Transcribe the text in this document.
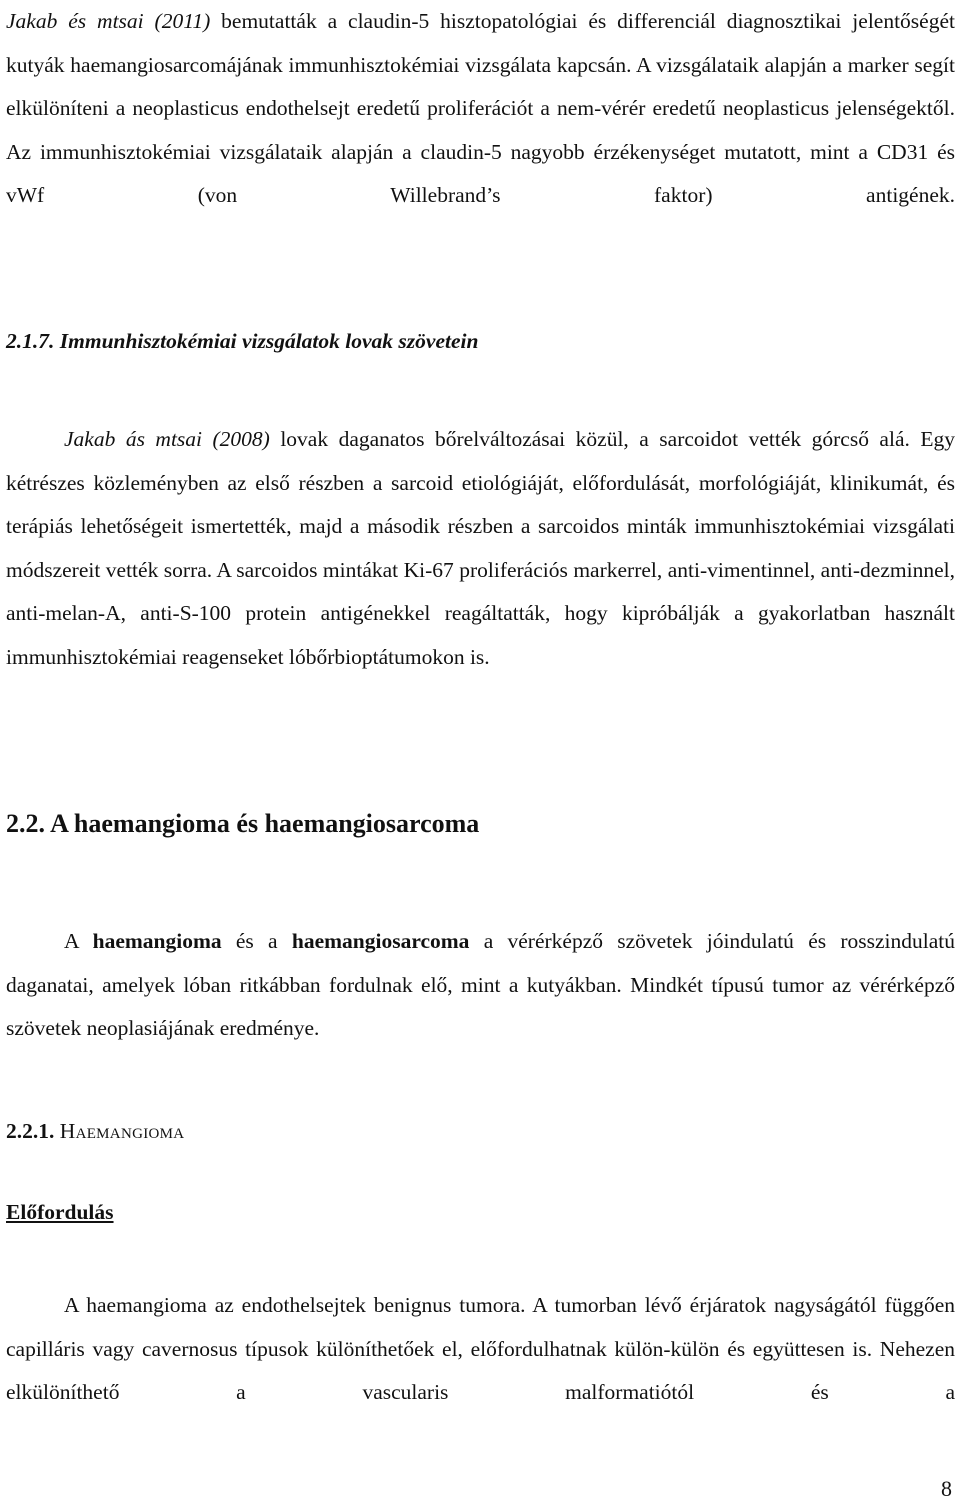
Jakab és mtsai (2011) bemutatták a claudin-5 hisztopatológiai és differenciál diagnosztikai jelentőségét kutyák haemangiosarcomájának immunhisztokémiai vizsgálata kapcsán. A vizsgálataik alapján a marker segít elkülöníteni a neoplasticus endothelsejt eredetű proliferációt a nem-vérér eredetű neoplasticus jelenségektől. Az immunhisztokémiai vizsgálataik alapján a claudin-5 nagyobb érzékenységet mutatott, mint a CD31 és vWf (von Willebrand’s faktor) antigének.

2.1.7. Immunhisztokémiai vizsgálatok lovak szövetein

Jakab ás mtsai (2008) lovak daganatos bőrelváltozásai közül, a sarcoidot vették górcső alá. Egy kétrészes közleményben az első részben a sarcoid etiológiáját, előfordulását, morfológiáját, klinikumát, és terápiás lehetőségeit ismertették, majd a második részben a sarcoidos minták immunhisztokémiai vizsgálati módszereit vették sorra. A sarcoidos mintákat Ki-67 proliferációs markerrel, anti-vimentinnel, anti-dezminnel, anti-melan-A, anti-S-100 protein antigénekkel reagáltatták, hogy kipróbálják a gyakorlatban használt immunhisztokémiai reagenseket lóbőrbioptátumokon is.

2.2. A haemangioma és haemangiosarcoma

A haemangioma és a haemangiosarcoma a vérérképző szövetek jóindulatú és rosszindulatú daganatai, amelyek lóban ritkábban fordulnak elő, mint a kutyákban. Mindkét típusú tumor az vérérképző szövetek neoplasiájának eredménye.

2.2.1. Haemangioma
Előfordulás

A haemangioma az endothelsejtek benignus tumora. A tumorban lévő érjáratok nagyságától függően capilláris vagy cavernosus típusok különíthetőek el, előfordulhatnak külön-külön és együttesen is. Nehezen elkülöníthető a vascularis malformatiótól és a

8
